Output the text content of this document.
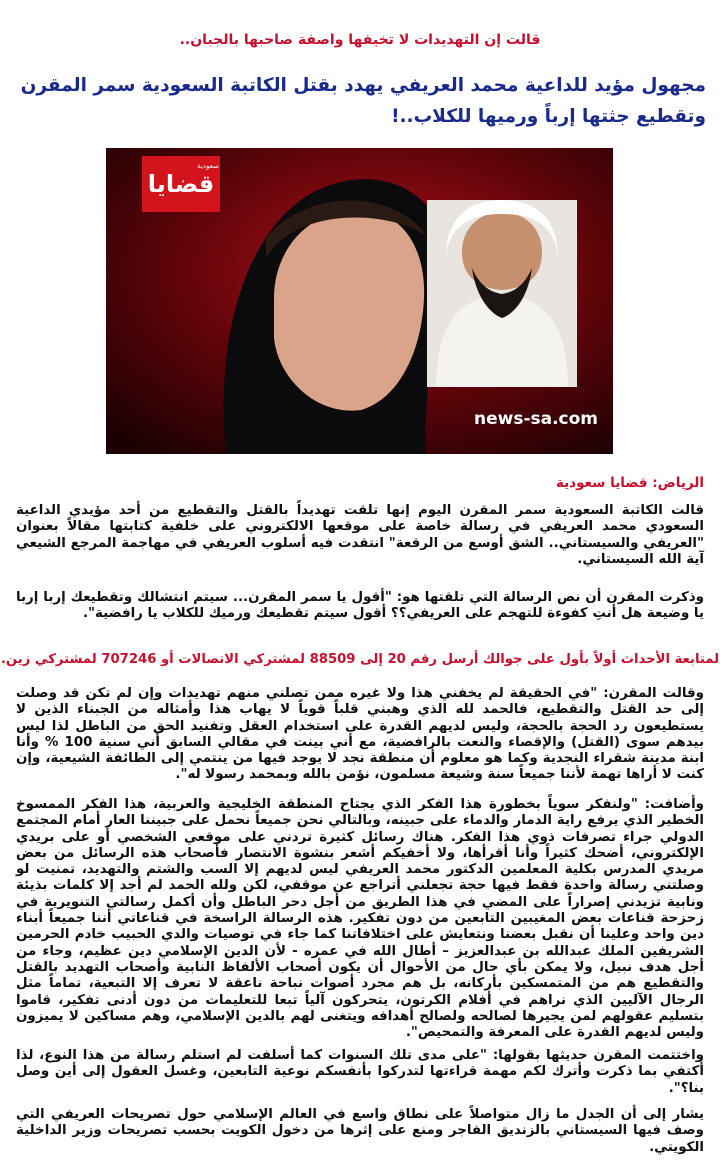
قالت إن التهديدات لا تخيفها واصفة صاحبها بالجبان..
مجهول مؤيد للداعية محمد العريفي يهدد بقتل الكاتبة السعودية سمر المقرن وتقطيع جثتها إرباً ورميها للكلاب..!
قضايا
سعودية
news-sa.com
الرياض: قضايا سعودية

قالت الكاتبة السعودية سمر المقرن اليوم إنها تلقت تهديداً بالقتل والتقطيع من أحد مؤيدي الداعية السعودي محمد العريفي في رسالة خاصة على موقعها الالكتروني على خلفية كتابتها مقالاً بعنوان "العريفي والسيستاني.. الشق أوسع من الرقعة" انتقدت فيه أسلوب العريفي في مهاجمة المرجع الشيعي آية الله السيستاني.

وذكرت المقرن أن نص الرسالة التي تلقتها هو: "أقول يا سمر المقرن... سيتم انتشالك وتقطيعك إربا إربا يا وضيعة هل أنتِ كفوءة للتهجم على العريفي؟؟ أقول سيتم تقطيعك ورميك للكلاب يا رافضية".

لمتابعة الأحداث أولاً بأول على جوالك أرسل رقم 20 إلى 88509 لمشتركي الاتصالات أو 707246 لمشتركي زين.

وقالت المقرن: "في الحقيقة لم يخفني هذا ولا غيره ممن تصلني منهم تهديدات وإن لم تكن قد وصلت إلى حد القتل والتقطيع، فالحمد لله الذي وهبني قلباً قوياً لا يهاب هذا وأمثاله من الجبناء الذين لا يستطيعون رد الحجة بالحجة، وليس لديهم القدرة على استخدام العقل وتفنيد الحق من الباطل لذا ليس بيدهم سوى (القتل) والإقصاء والنعت بالرافضية، مع أني بينت في مقالي السابق أني سنية 100 % وأنا ابنة مدينة شقراء النجدية وكما هو معلوم أن منطقة نجد لا يوجد فيها من ينتمي إلى الطائفة الشيعية، وإن كنت لا أراها تهمة لأننا جميعاً سنة وشيعة مسلمون، نؤمن بالله وبمحمد رسولا له".

وأضافت: "ولنفكر سوياً بخطورة هذا الفكر الذي يجتاح المنطقة الخليجية والعربية، هذا الفكر الممسوخ الخطير الذي يرفع راية الدمار والدماء على جبينه، وبالتالي نحن جميعاً نحمل على جبيننا العار أمام المجتمع الدولي جراء تصرفات ذوي هذا الفكر. هناك رسائل كثيرة تردني على موقعي الشخصي أو على بريدي الإلكتروني، أضحك كثيراً وأنا أقرأها، ولا أخفيكم أشعر بنشوة الانتصار فأصحاب هذه الرسائل من بعض مريدي المدرس بكلية المعلمين الدكتور محمد العريفي ليس لديهم إلا السب والشتم والتهديد، تمنيت لو وصلتني رسالة واحدة فقط فيها حجة تجعلني أتراجع عن موقفي، لكن ولله الحمد لم أجد إلا كلمات بذيئة ونابية تزيدني إصراراً على المضي في هذا الطريق من أجل دحر الباطل وأن أكمل رسالتي التنويرية في زحزحة قناعات بعض المغيبين التابعين من دون تفكير. هذه الرسالة الراسخة في قناعاتي أننا جميعاً أبناء دين واحد وعلينا أن نقبل بعضنا ونتعايش على اختلافاتنا كما جاء في توصيات والدي الحبيب خادم الحرمين الشريفين الملك عبدالله بن عبدالعزيز – أطال الله في عمره - لأن الدين الإسلامي دين عظيم، وجاء من أجل هدف نبيل، ولا يمكن بأي حال من الأحوال أن يكون أصحاب الألفاظ النابية وأصحاب التهديد بالقتل والتقطيع هم من المتمسكين بأركانه، بل هم مجرد أصوات نباحة ناعقة لا تعرف إلا التبعية، تماماً مثل الرجال الآليين الذي نراهم في أفلام الكرتون، يتحركون آلياً تبعا للتعليمات من دون أدنى تفكير، قاموا بتسليم عقولهم لمن يجيرها لصالحه ولصالح أهدافه ويتغنى لهم بالدين الإسلامي، وهم مساكين لا يميزون وليس لديهم القدرة على المعرفة والتمحيص".

واختتمت المقرن حديثها بقولها: "على مدى تلك السنوات كما أسلفت لم استلم رسالة من هذا النوع، لذا أكتفي بما ذكرت وأترك لكم مهمة قراءتها لتدركوا بأنفسكم نوعية التابعين، وغسل العقول إلى أين وصل بنا؟".

يشار إلى أن الجدل ما زال متواصلاً على نطاق واسع في العالم الإسلامي حول تصريحات العريفي التي وصف فيها السيستاني بالزنديق الفاجر ومنع على إثرها من دخول الكويت بحسب تصريحات وزير الداخلية الكويتي.
